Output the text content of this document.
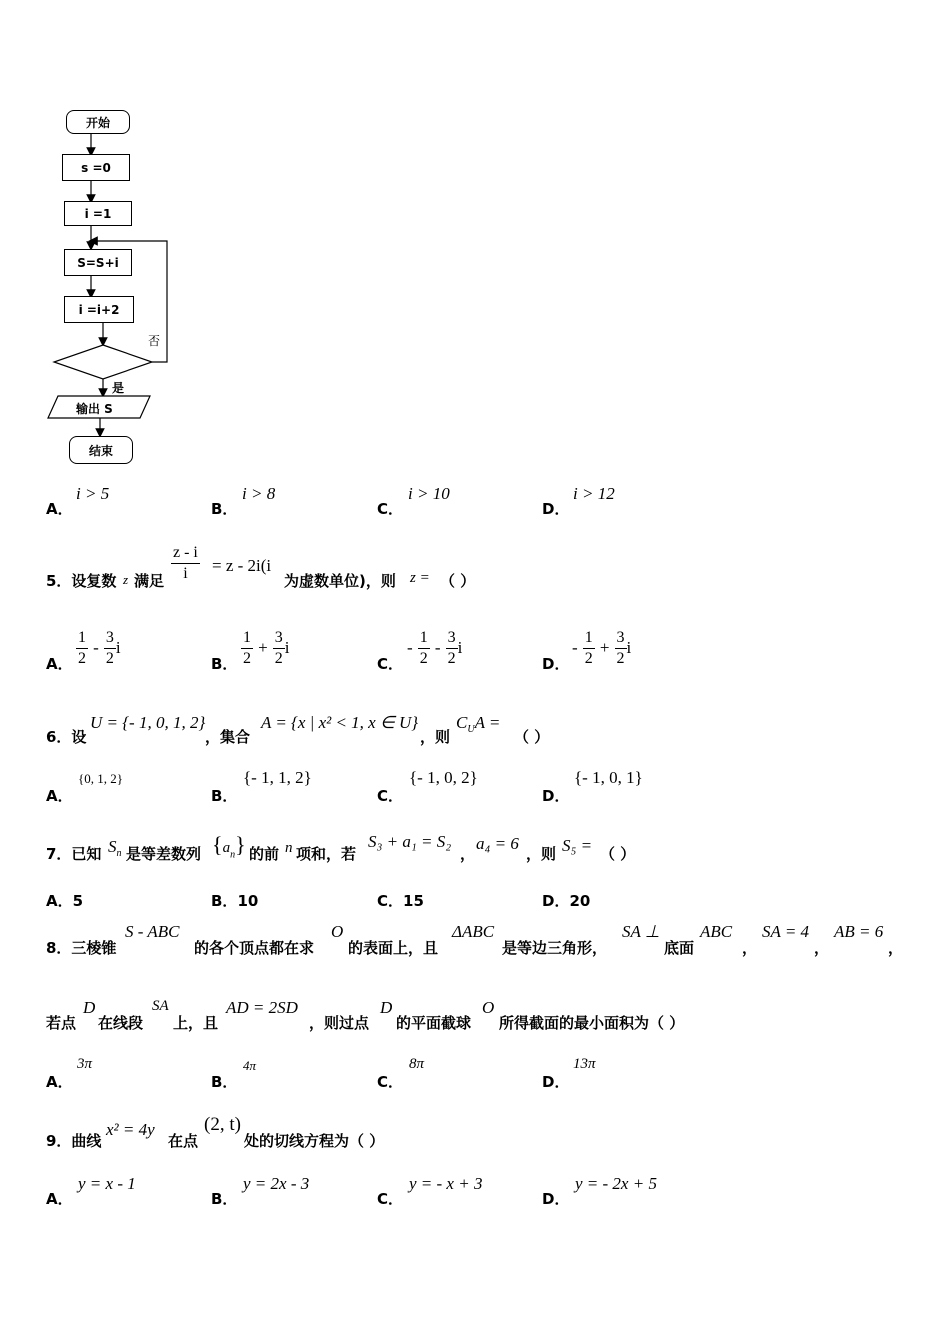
开始
s =0
i =1
S=S+i
i =i+2
否
是
输出 S
结束
A．
i > 5
B．
i > 8
C．
i > 10
D．
i > 12
5．设复数 z 满足 $\frac{z - i}{i} = z - 2i(i$
为虚数单位)，则 z = （ ）
A． $\frac{1}{2} - \frac{3}{2}$ i
B． $\frac{1}{2} + \frac{3}{2}$ i
C．
- $\frac{1}{2} - \frac{3}{2}$ i
D．
- $\frac{1}{2} + \frac{3}{2}$ i
6．设
U = {- 1, 0, 1, 2}
，集合
A = {x | x² < 1, x ∈ U}
，则
$C_UA$ =
（ ）
A．
{0, 1, 2}
B．
{- 1, 1, 2}
C．
{- 1, 0, 2}
D．
{- 1, 0, 1}
7．已知 $S_n$ 是等差数列 $\{a_n\}$ 的前 n 项和，若
S₃ + a₁ = S₂
，
a₄ = 6
，则 S₅ = （ ）
A．5	B．10	C．15	D．20
8．三棱锥
S - ABC
的各个顶点都在求
O
的表面上，且
ΔABC
是等边三角形，
SA ⊥
底面
ABC
，
SA = 4
，
AB = 6
，
若点
D
在线段
SA
上，且
AD = 2SD
，则过点
D
的平面截球
O
所得截面的最小面积为（ ）
A．
3π
B．
4π
C．
8π
D．
13π
9．曲线
x² = 4y
在点
(2, t)
处的切线方程为（ ）
A．
y = x - 1
B．
y = 2x - 3
C．
y = - x + 3
D．
y = - 2x + 5
